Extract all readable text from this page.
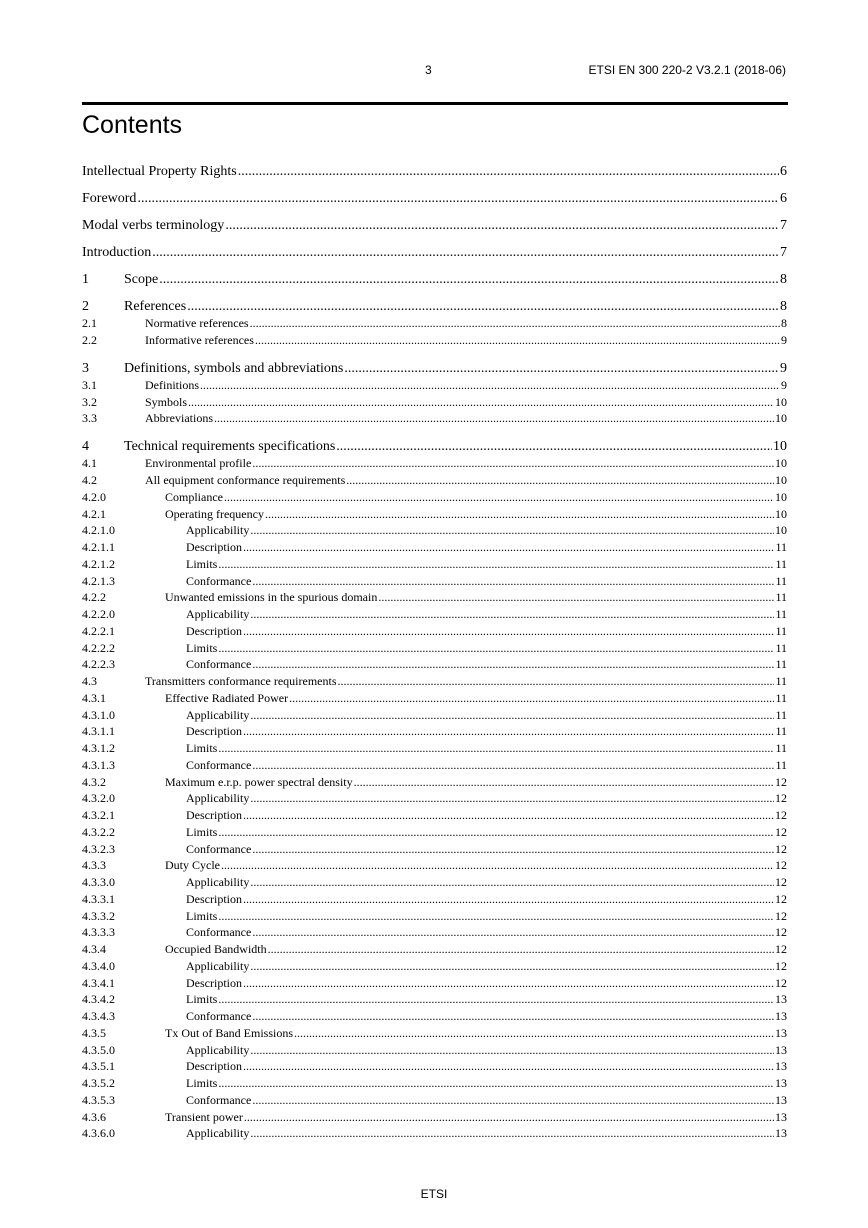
3	ETSI EN 300 220-2 V3.2.1 (2018-06)
Contents
Intellectual Property Rights .....	6
Foreword .....	6
Modal verbs terminology .....	7
Introduction .....	7
1	Scope .....	8
2	References .....	8
2.1	Normative references .....	8
2.2	Informative references .....	9
3	Definitions, symbols and abbreviations .....	9
3.1	Definitions .....	9
3.2	Symbols .....	10
3.3	Abbreviations .....	10
4	Technical requirements specifications .....	10
4.1	Environmental profile .....	10
4.2	All equipment conformance requirements .....	10
4.2.0	Compliance .....	10
4.2.1	Operating frequency .....	10
4.2.1.0	Applicability .....	10
4.2.1.1	Description .....	11
4.2.1.2	Limits .....	11
4.2.1.3	Conformance .....	11
4.2.2	Unwanted emissions in the spurious domain .....	11
4.2.2.0	Applicability .....	11
4.2.2.1	Description .....	11
4.2.2.2	Limits .....	11
4.2.2.3	Conformance .....	11
4.3	Transmitters conformance requirements .....	11
4.3.1	Effective Radiated Power .....	11
4.3.1.0	Applicability .....	11
4.3.1.1	Description .....	11
4.3.1.2	Limits .....	11
4.3.1.3	Conformance .....	11
4.3.2	Maximum e.r.p. power spectral density .....	12
4.3.2.0	Applicability .....	12
4.3.2.1	Description .....	12
4.3.2.2	Limits .....	12
4.3.2.3	Conformance .....	12
4.3.3	Duty Cycle .....	12
4.3.3.0	Applicability .....	12
4.3.3.1	Description .....	12
4.3.3.2	Limits .....	12
4.3.3.3	Conformance .....	12
4.3.4	Occupied Bandwidth .....	12
4.3.4.0	Applicability .....	12
4.3.4.1	Description .....	12
4.3.4.2	Limits .....	13
4.3.4.3	Conformance .....	13
4.3.5	Tx Out of Band Emissions .....	13
4.3.5.0	Applicability .....	13
4.3.5.1	Description .....	13
4.3.5.2	Limits .....	13
4.3.5.3	Conformance .....	13
4.3.6	Transient power .....	13
4.3.6.0	Applicability .....	13
ETSI
